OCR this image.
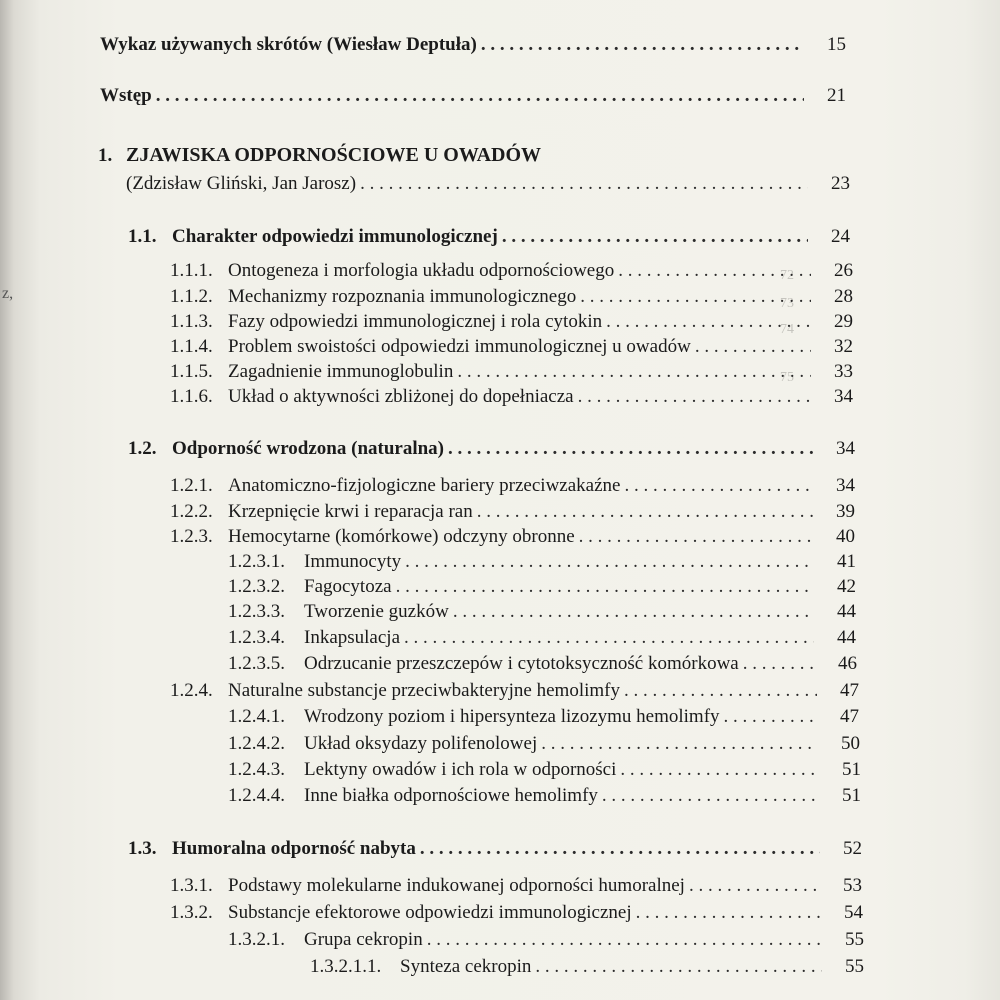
72
73
74
75
z,
Wykaz używanych skrótów (Wiesław Deptuła) . . .	15
Wstęp . . .	21
1. ZJAWISKA ODPORNOŚCIOWE U OWADÓW
(Zdzisław Gliński, Jan Jarosz) . . .	23
1.1. Charakter odpowiedzi immunologicznej . . .	24
1.1.1. Ontogeneza i morfologia układu odpornościowego . . .	26
1.1.2. Mechanizmy rozpoznania immunologicznego . . .	28
1.1.3. Fazy odpowiedzi immunologicznej i rola cytokin . . .	29
1.1.4. Problem swoistości odpowiedzi immunologicznej u owadów . . .	32
1.1.5. Zagadnienie immunoglobulin . . .	33
1.1.6. Układ o aktywności zbliżonej do dopełniacza . . .	34
1.2. Odporność wrodzona (naturalna) . . .	34
1.2.1. Anatomiczno-fizjologiczne bariery przeciwzakaźne . . .	34
1.2.2. Krzepnięcie krwi i reparacja ran . . .	39
1.2.3. Hemocytarne (komórkowe) odczyny obronne . . .	40
1.2.3.1.	Immunocyty . . .	41
1.2.3.2.	Fagocytoza . . .	42
1.2.3.3.	Tworzenie guzków . . .	44
1.2.3.4.	Inkapsulacja . . .	44
1.2.3.5.	Odrzucanie przeszczepów i cytotoksyczność komórkowa . . .	46
1.2.4. Naturalne substancje przeciwbakteryjne hemolimfy . . .	47
1.2.4.1.	Wrodzony poziom i hipersynteza lizozymu hemolimfy . . .	47
1.2.4.2.	Układ oksydazy polifenolowej . . .	50
1.2.4.3.	Lektyny owadów i ich rola w odporności . . .	51
1.2.4.4.	Inne białka odpornościowe hemolimfy . . .	51
1.3. Humoralna odporność nabyta . . .	52
1.3.1. Podstawy molekularne indukowanej odporności humoralnej . . .	53
1.3.2. Substancje efektorowe odpowiedzi immunologicznej . . .	54
1.3.2.1.	Grupa cekropin . . .	55
1.3.2.1.1. Synteza cekropin . . .	55
